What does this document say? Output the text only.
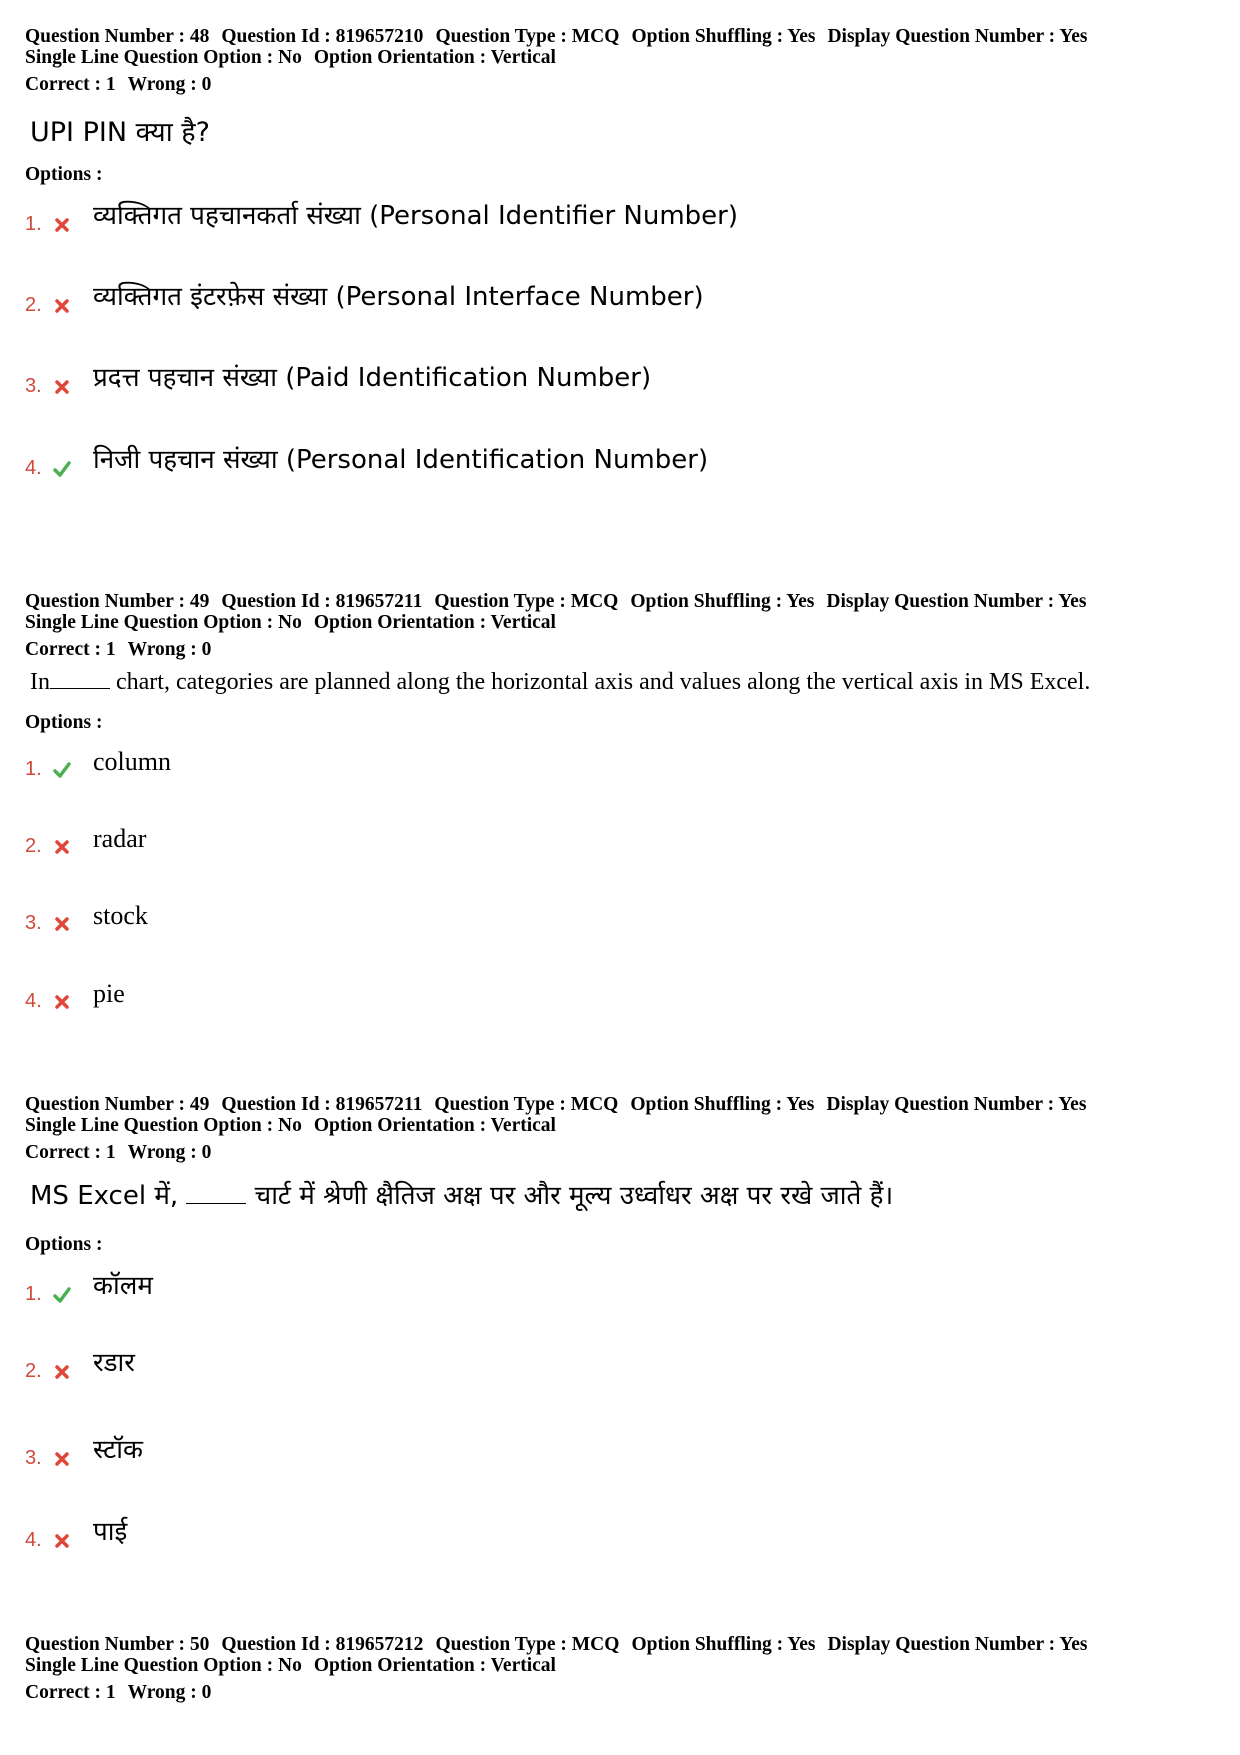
Question Number : 48 Question Id : 819657210 Question Type : MCQ Option Shuffling : Yes Display Question Number : Yes
Single Line Question Option : No Option Orientation : Vertical
Correct : 1 Wrong : 0
UPI PIN क्या है?
Options :
1. व्यक्तिगत पहचानकर्ता संख्या (Personal Identifier Number)
2. व्यक्तिगत इंटरफ़ेस संख्या (Personal Interface Number)
3. प्रदत्त पहचान संख्या (Paid Identification Number)
4. निजी पहचान संख्या (Personal Identification Number)
Question Number : 49 Question Id : 819657211 Question Type : MCQ Option Shuffling : Yes Display Question Number : Yes
Single Line Question Option : No Option Orientation : Vertical
Correct : 1 Wrong : 0
In	chart, categories are planned along the horizontal axis and values along the vertical axis in MS Excel.
Options :
1. column
2. radar
3. stock
4. pie
Question Number : 49 Question Id : 819657211 Question Type : MCQ Option Shuffling : Yes Display Question Number : Yes
Single Line Question Option : No Option Orientation : Vertical
Correct : 1 Wrong : 0
MS Excel में,  चार्ट में श्रेणी क्षैतिज अक्ष पर और मूल्य उर्ध्वाधर अक्ष पर रखे जाते हैं।
Options :
1. कॉलम
2. रडार
3. स्टॉक
4. पाई
Question Number : 50 Question Id : 819657212 Question Type : MCQ Option Shuffling : Yes Display Question Number : Yes
Single Line Question Option : No Option Orientation : Vertical
Correct : 1 Wrong : 0
